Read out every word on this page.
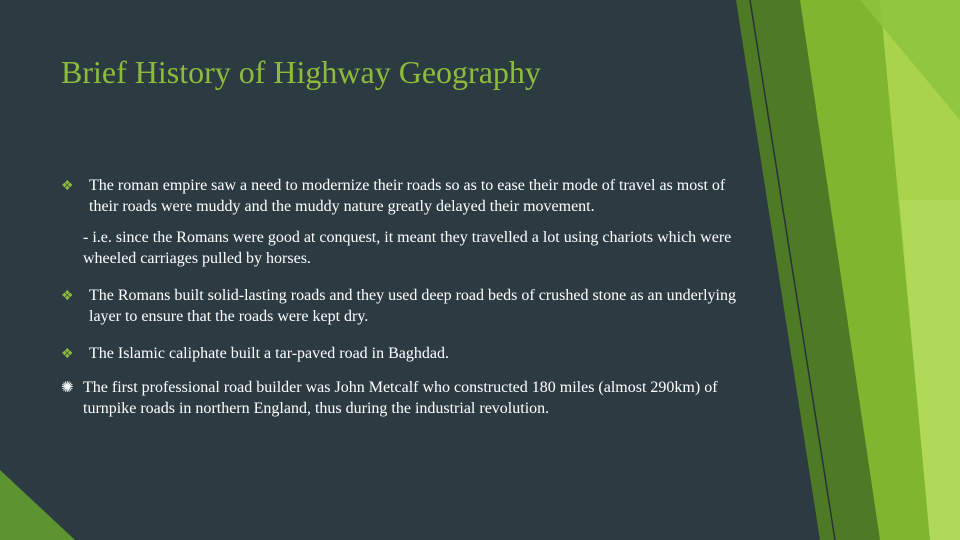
Brief History of Highway Geography
❖ The roman empire saw a need to modernize their roads so as to ease their mode of travel as most of their roads were muddy and the muddy nature greatly delayed their movement.
- i.e. since the Romans were good at conquest, it meant they travelled a lot using chariots which were wheeled carriages pulled by horses.
❖ The Romans built solid-lasting roads and they used deep road beds of crushed stone as an underlying layer to ensure that the roads were kept dry.
❖ The Islamic caliphate built a tar-paved road in Baghdad.
✺ The first professional road builder was John Metcalf who constructed 180 miles (almost 290km) of turnpike roads in northern England, thus during the industrial revolution.
